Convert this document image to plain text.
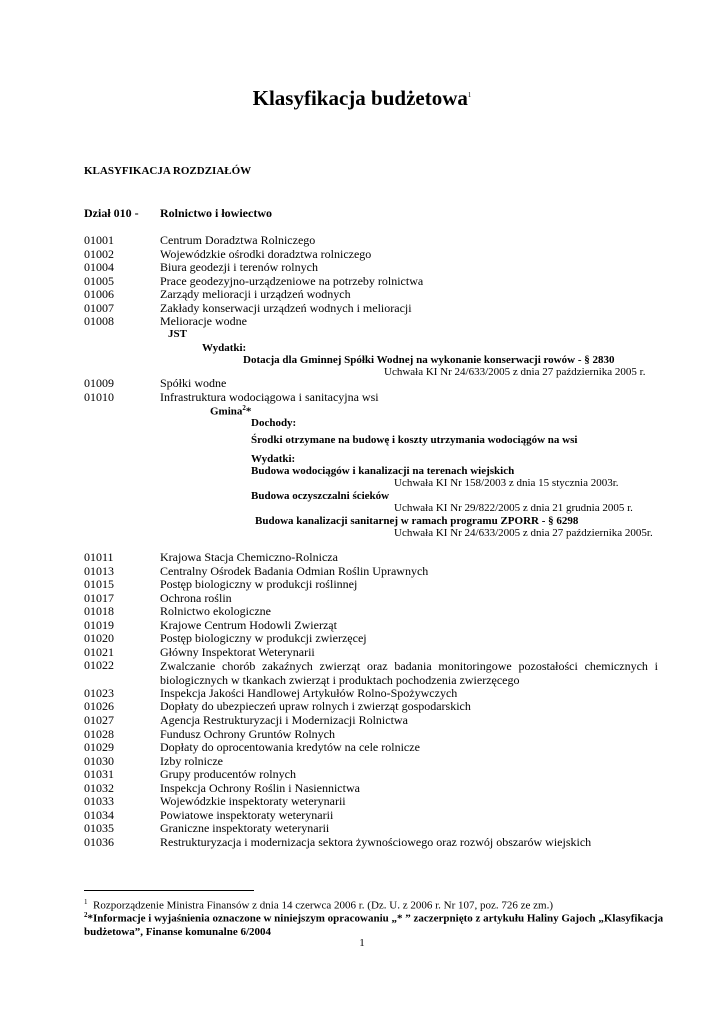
Klasyfikacja budżetowa$^1$
KLASYFIKACJA ROZDZIAŁÓW
Dział 010 - Rolnictwo i łowiectwo
01001	Centrum Doradztwa Rolniczego
01002	Wojewódzkie ośrodki doradztwa rolniczego
01004	Biura geodezji i terenów rolnych
01005	Prace geodezyjno-urządzeniowe na potrzeby rolnictwa
01006	Zarządy melioracji i urządzeń wodnych
01007	Zakłady konserwacji urządzeń wodnych i melioracji
01008	Melioracje wodne
JST
Wydatki:
Dotacja dla Gminnej Spółki Wodnej na wykonanie konserwacji rowów - § 2830
Uchwała KI Nr 24/633/2005 z dnia 27 października 2005 r.
01009	Spółki wodne
01010	Infrastruktura wodociągowa i sanitacyjna wsi
Gmina$^2$*
Dochody:
Środki otrzymane na budowę i koszty utrzymania wodociągów na wsi
Wydatki:
Budowa wodociągów i kanalizacji na terenach wiejskich
Uchwała KI Nr 158/2003 z dnia 15 stycznia 2003r.
Budowa oczyszczalni ścieków
Uchwała KI Nr 29/822/2005 z dnia 21 grudnia 2005 r.
Budowa kanalizacji sanitarnej w ramach programu ZPORR - § 6298
Uchwała KI Nr 24/633/2005 z dnia 27 października 2005r.
01011	Krajowa Stacja Chemiczno-Rolnicza
01013	Centralny Ośrodek Badania Odmian Roślin Uprawnych
01015	Postęp biologiczny w produkcji roślinnej
01017	Ochrona roślin
01018	Rolnictwo ekologiczne
01019	Krajowe Centrum Hodowli Zwierząt
01020	Postęp biologiczny w produkcji zwierzęcej
01021	Główny Inspektorat Weterynarii
01022	Zwalczanie chorób zakaźnych zwierząt oraz badania monitoringowe pozostałości chemicznych i biologicznych w tkankach zwierząt i produktach pochodzenia zwierzęcego
01023	Inspekcja Jakości Handlowej Artykułów Rolno-Spożywczych
01026	Dopłaty do ubezpieczeń upraw rolnych i zwierząt gospodarskich
01027	Agencja Restrukturyzacji i Modernizacji Rolnictwa
01028	Fundusz Ochrony Gruntów Rolnych
01029	Dopłaty do oprocentowania kredytów na cele rolnicze
01030	Izby rolnicze
01031	Grupy producentów rolnych
01032	Inspekcja Ochrony Roślin i Nasiennictwa
01033	Wojewódzkie inspektoraty weterynarii
01034	Powiatowe inspektoraty weterynarii
01035	Graniczne inspektoraty weterynarii
01036	Restrukturyzacja i modernizacja sektora żywnościowego oraz rozwój obszarów wiejskich
$^1$ Rozporządzenie Ministra Finansów z dnia 14 czerwca 2006 r. (Dz. U. z 2006 r. Nr 107, poz. 726 ze zm.)
$^2$*Informacje i wyjaśnienia oznaczone w niniejszym opracowaniu „* ” zaczerpnięto z artykułu Haliny Gajoch „Klasyfikacja budżetowa”, Finanse komunalne 6/2004
1
